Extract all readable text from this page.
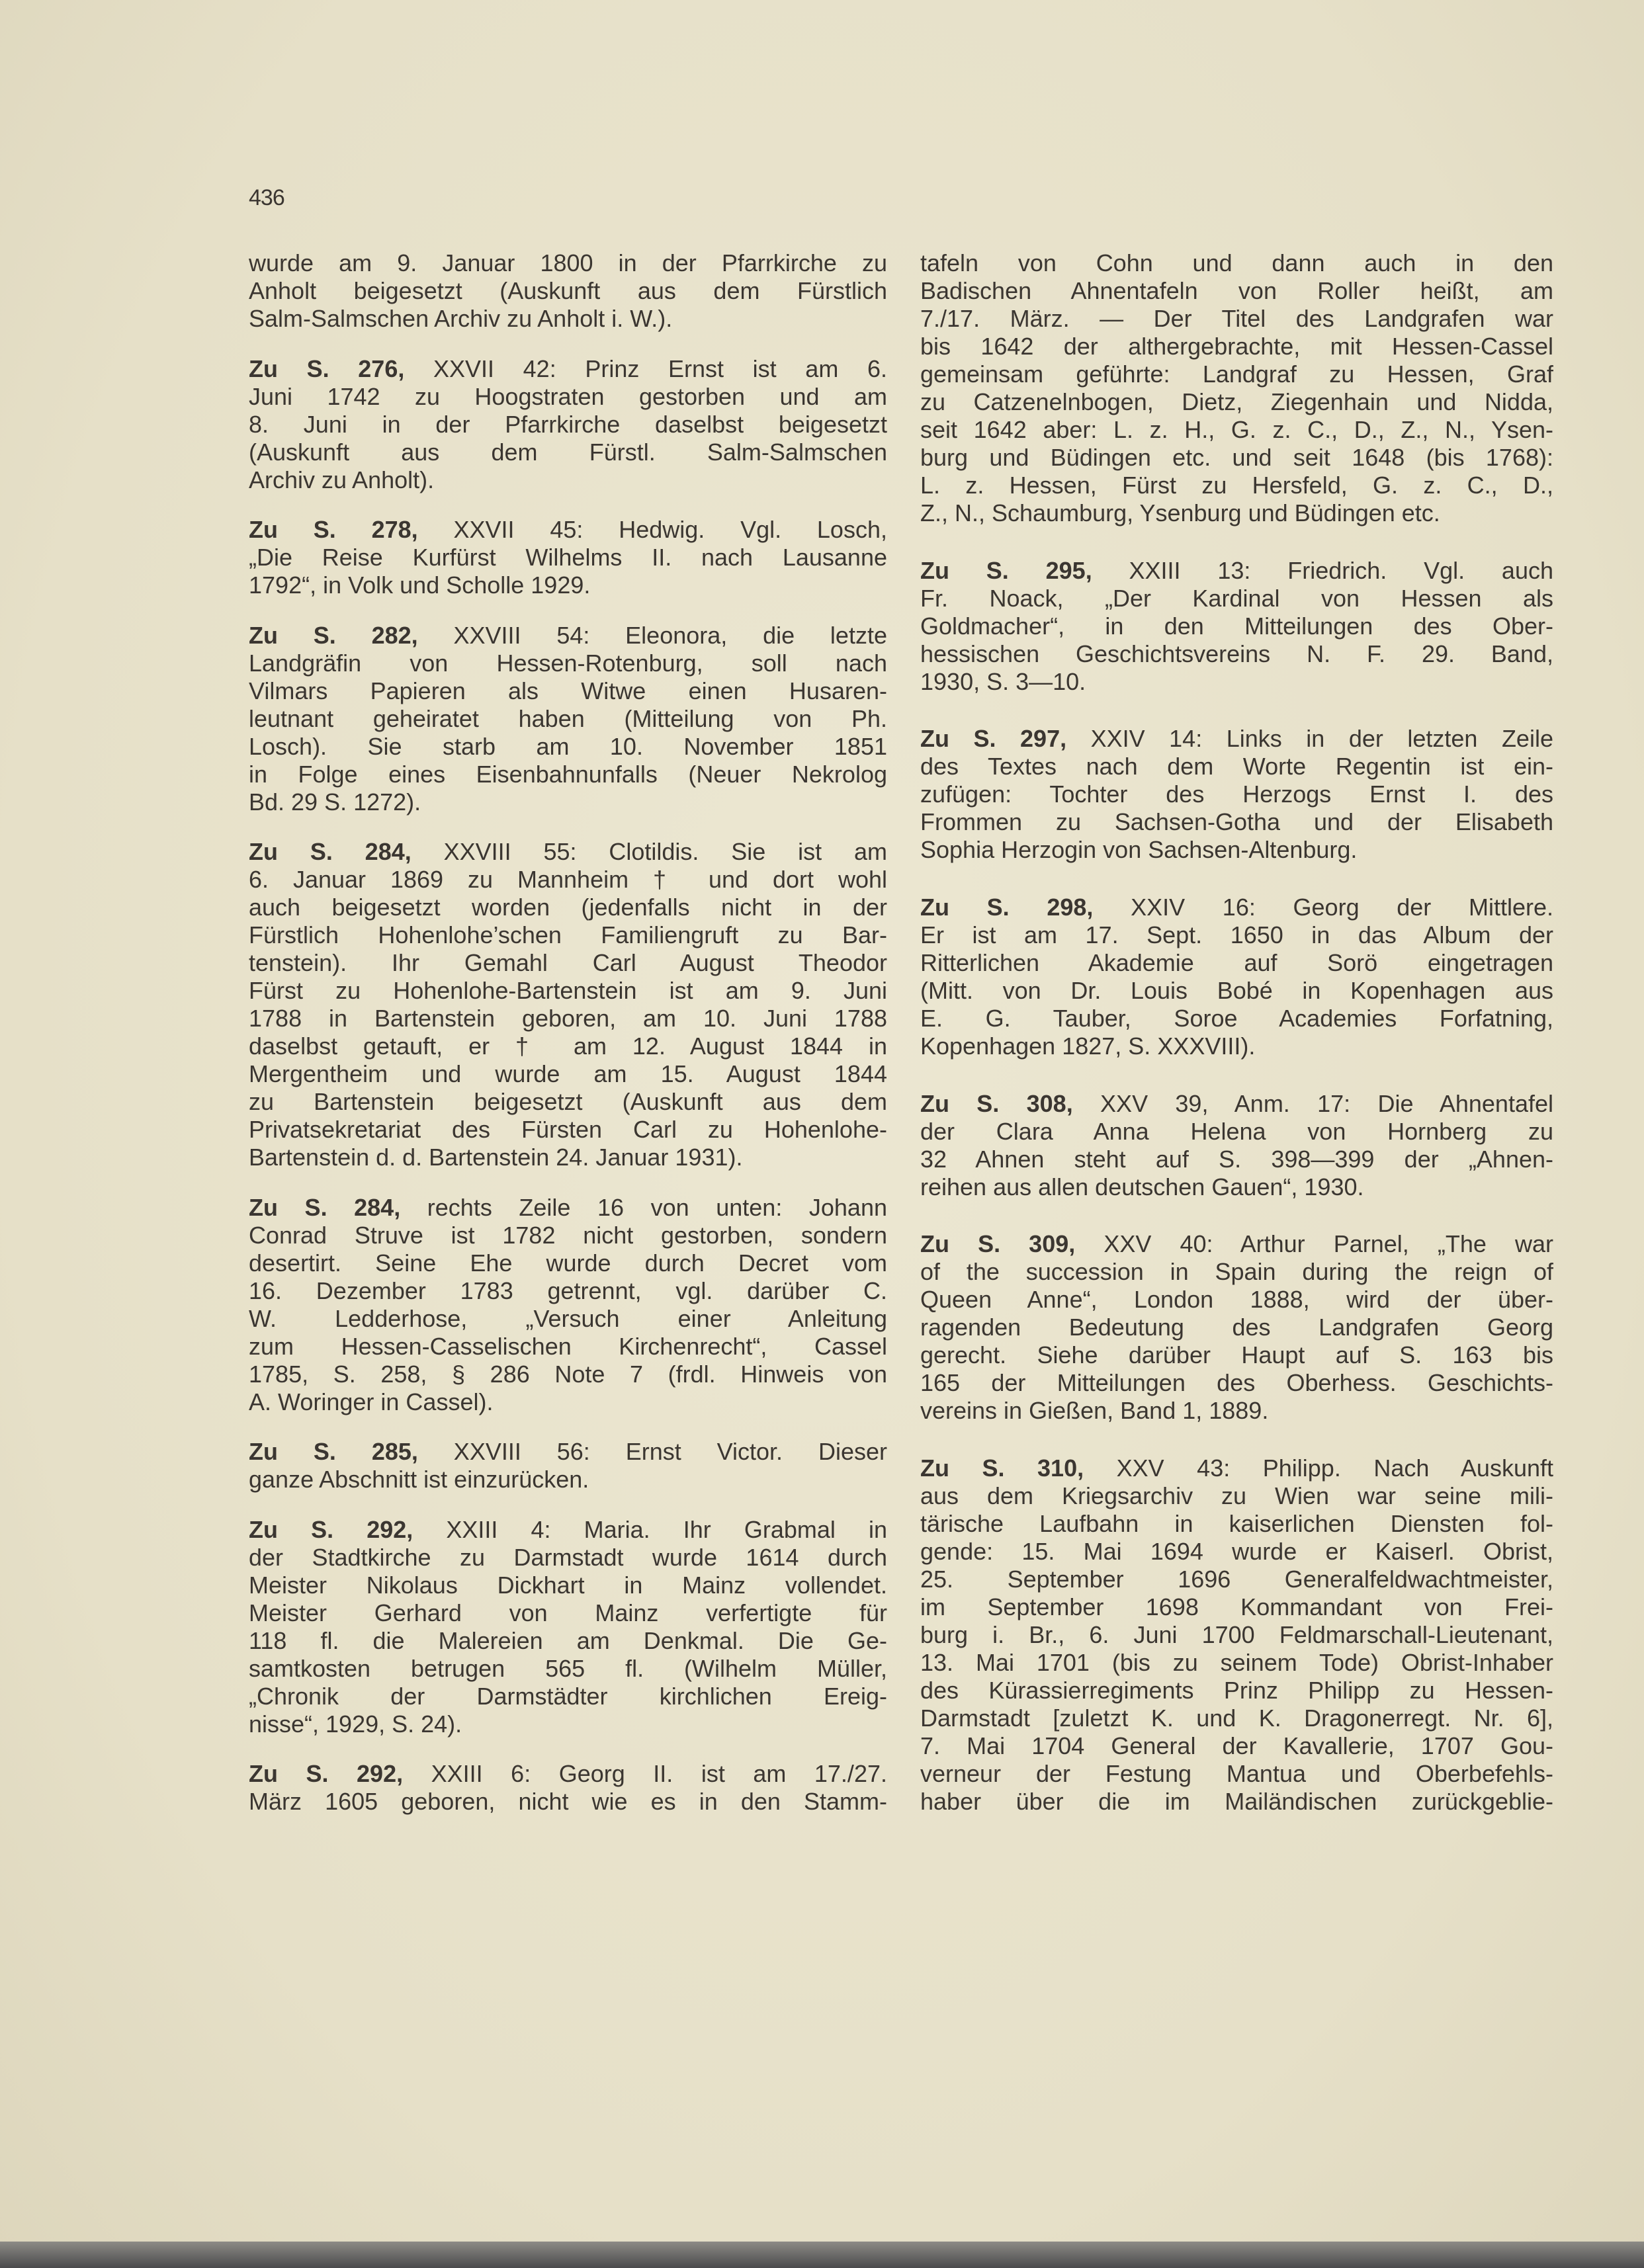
436
wurde am 9. Januar 1800 in der Pfarrkirche zu
Anholt beigesetzt (Auskunft aus dem Fürstlich
Salm-Salmschen Archiv zu Anholt i. W.).
Zu S. 276, XXVII 42: Prinz Ernst ist am 6.
Juni 1742 zu Hoogstraten gestorben und am
8. Juni in der Pfarrkirche daselbst beigesetzt
(Auskunft aus dem Fürstl. Salm-Salmschen
Archiv zu Anholt).
Zu S. 278, XXVII 45: Hedwig. Vgl. Losch,
„Die Reise Kurfürst Wilhelms II. nach Lausanne
1792“, in Volk und Scholle 1929.
Zu S. 282, XXVIII 54: Eleonora, die letzte
Landgräfin von Hessen-Rotenburg, soll nach
Vilmars Papieren als Witwe einen Husaren-
leutnant geheiratet haben (Mitteilung von Ph.
Losch). Sie starb am 10. November 1851
in Folge eines Eisenbahnunfalls (Neuer Nekrolog
Bd. 29 S. 1272).
Zu S. 284, XXVIII 55: Clotildis. Sie ist am
6. Januar 1869 zu Mannheim † und dort wohl
auch beigesetzt worden (jedenfalls nicht in der
Fürstlich Hohenlohe’schen Familiengruft zu Bar-
tenstein). Ihr Gemahl Carl August Theodor
Fürst zu Hohenlohe-Bartenstein ist am 9. Juni
1788 in Bartenstein geboren, am 10. Juni 1788
daselbst getauft, er † am 12. August 1844 in
Mergentheim und wurde am 15. August 1844
zu Bartenstein beigesetzt (Auskunft aus dem
Privatsekretariat des Fürsten Carl zu Hohenlohe-
Bartenstein d. d. Bartenstein 24. Januar 1931).
Zu S. 284, rechts Zeile 16 von unten: Johann
Conrad Struve ist 1782 nicht gestorben, sondern
desertirt. Seine Ehe wurde durch Decret vom
16. Dezember 1783 getrennt, vgl. darüber C.
W. Ledderhose, „Versuch einer Anleitung
zum Hessen-Casselischen Kirchenrecht“, Cassel
1785, S. 258, § 286 Note 7 (frdl. Hinweis von
A. Woringer in Cassel).
Zu S. 285, XXVIII 56: Ernst Victor. Dieser
ganze Abschnitt ist einzurücken.
Zu S. 292, XXIII 4: Maria. Ihr Grabmal in
der Stadtkirche zu Darmstadt wurde 1614 durch
Meister Nikolaus Dickhart in Mainz vollendet.
Meister Gerhard von Mainz verfertigte für
118 fl. die Malereien am Denkmal. Die Ge-
samtkosten betrugen 565 fl. (Wilhelm Müller,
„Chronik der Darmstädter kirchlichen Ereig-
nisse“, 1929, S. 24).
Zu S. 292, XXIII 6: Georg II. ist am 17./27.
März 1605 geboren, nicht wie es in den Stamm-
tafeln von Cohn und dann auch in den
Badischen Ahnentafeln von Roller heißt, am
7./17. März. — Der Titel des Landgrafen war
bis 1642 der althergebrachte, mit Hessen-Cassel
gemeinsam geführte: Landgraf zu Hessen, Graf
zu Catzenelnbogen, Dietz, Ziegenhain und Nidda,
seit 1642 aber: L. z. H., G. z. C., D., Z., N., Ysen-
burg und Büdingen etc. und seit 1648 (bis 1768):
L. z. Hessen, Fürst zu Hersfeld, G. z. C., D.,
Z., N., Schaumburg, Ysenburg und Büdingen etc.
Zu S. 295, XXIII 13: Friedrich. Vgl. auch
Fr. Noack, „Der Kardinal von Hessen als
Goldmacher“, in den Mitteilungen des Ober-
hessischen Geschichtsvereins N. F. 29. Band,
1930, S. 3—10.
Zu S. 297, XXIV 14: Links in der letzten Zeile
des Textes nach dem Worte Regentin ist ein-
zufügen: Tochter des Herzogs Ernst I. des
Frommen zu Sachsen-Gotha und der Elisabeth
Sophia Herzogin von Sachsen-Altenburg.
Zu S. 298, XXIV 16: Georg der Mittlere.
Er ist am 17. Sept. 1650 in das Album der
Ritterlichen Akademie auf Sorö eingetragen
(Mitt. von Dr. Louis Bobé in Kopenhagen aus
E. G. Tauber, Soroe Academies Forfatning,
Kopenhagen 1827, S. XXXVIII).
Zu S. 308, XXV 39, Anm. 17: Die Ahnentafel
der Clara Anna Helena von Hornberg zu
32 Ahnen steht auf S. 398—399 der „Ahnen-
reihen aus allen deutschen Gauen“, 1930.
Zu S. 309, XXV 40: Arthur Parnel, „The war
of the succession in Spain during the reign of
Queen Anne“, London 1888, wird der über-
ragenden Bedeutung des Landgrafen Georg
gerecht. Siehe darüber Haupt auf S. 163 bis
165 der Mitteilungen des Oberhess. Geschichts-
vereins in Gießen, Band 1, 1889.
Zu S. 310, XXV 43: Philipp. Nach Auskunft
aus dem Kriegsarchiv zu Wien war seine mili-
tärische Laufbahn in kaiserlichen Diensten fol-
gende: 15. Mai 1694 wurde er Kaiserl. Obrist,
25. September 1696 Generalfeldwachtmeister,
im September 1698 Kommandant von Frei-
burg i. Br., 6. Juni 1700 Feldmarschall-Lieutenant,
13. Mai 1701 (bis zu seinem Tode) Obrist-Inhaber
des Kürassierregiments Prinz Philipp zu Hessen-
Darmstadt [zuletzt K. und K. Dragonerregt. Nr. 6],
7. Mai 1704 General der Kavallerie, 1707 Gou-
verneur der Festung Mantua und Oberbefehls-
haber über die im Mailändischen zurückgeblie-
